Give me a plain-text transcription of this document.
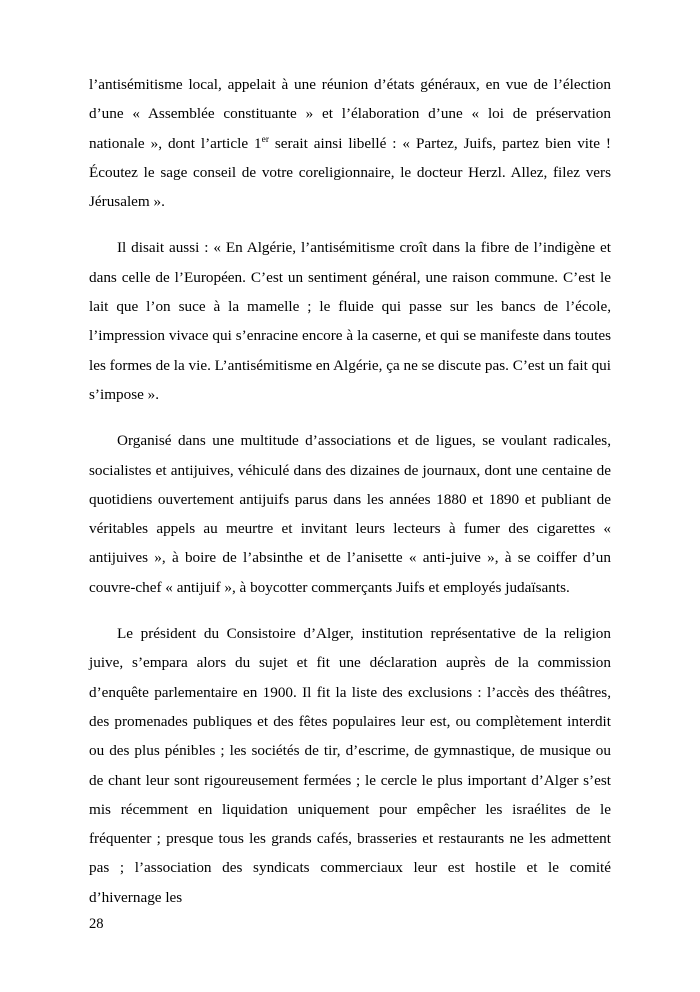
l’antisémitisme local, appelait à une réunion d’états généraux, en vue de l’élection d’une « Assemblée constituante » et l’élaboration d’une « loi de préservation nationale », dont l’article 1er serait ainsi libellé : « Partez, Juifs, partez bien vite ! Écoutez le sage conseil de votre coreligionnaire, le docteur Herzl. Allez, filez vers Jérusalem ».

Il disait aussi : « En Algérie, l’antisémitisme croît dans la fibre de l’indigène et dans celle de l’Européen. C’est un sentiment général, une raison commune. C’est le lait que l’on suce à la mamelle ; le fluide qui passe sur les bancs de l’école, l’impression vivace qui s’enracine encore à la caserne, et qui se manifeste dans toutes les formes de la vie. L’antisémitisme en Algérie, ça ne se discute pas. C’est un fait qui s’impose ».

Organisé dans une multitude d’associations et de ligues, se voulant radicales, socialistes et antijuives, véhiculé dans des dizaines de journaux, dont une centaine de quotidiens ouvertement antijuifs parus dans les années 1880 et 1890 et publiant de véritables appels au meurtre et invitant leurs lecteurs à fumer des cigarettes « antijuives », à boire de l’absinthe et de l’anisette « anti-juive », à se coiffer d’un couvre-chef « antijuif », à boycotter commerçants Juifs et employés judaïsants.

Le président du Consistoire d’Alger, institution représentative de la religion juive, s’empara alors du sujet et fit une déclaration auprès de la commission d’enquête parlementaire en 1900. Il fit la liste des exclusions : l’accès des théâtres, des promenades publiques et des fêtes populaires leur est, ou complètement interdit ou des plus pénibles ; les sociétés de tir, d’escrime, de gymnastique, de musique ou de chant leur sont rigoureusement fermées ; le cercle le plus important d’Alger s’est mis récemment en liquidation uniquement pour empêcher les israélites de le fréquenter ; presque tous les grands cafés, brasseries et restaurants ne les admettent pas ; l’association des syndicats commerciaux leur est hostile et le comité d’hivernage les

28
